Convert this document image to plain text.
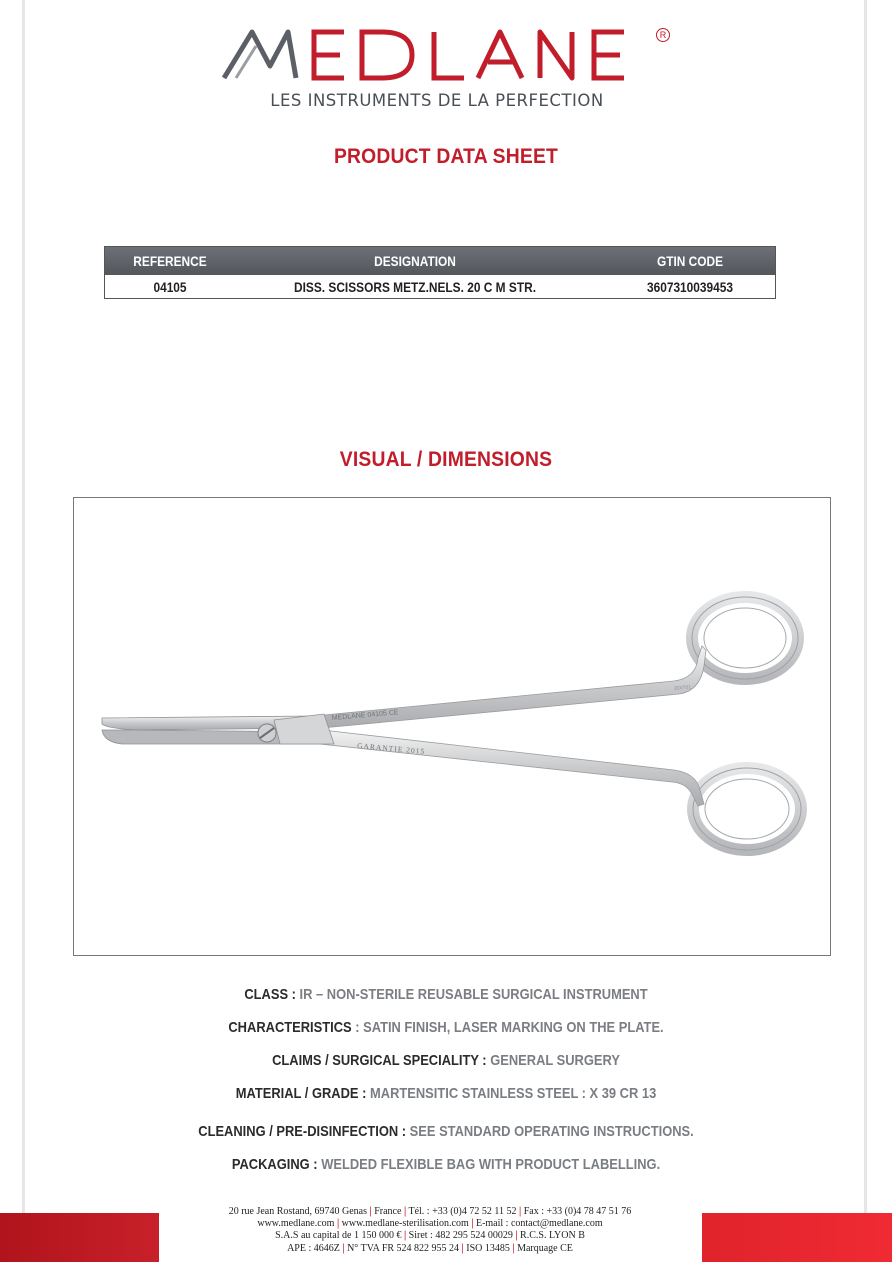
R
LES INSTRUMENTS DE LA PERFECTION
PRODUCT DATA SHEET
REFERENCE	DESIGNATION	GTIN CODE
04105	DISS. SCISSORS METZ.NELS. 20 C M STR.	3607310039453
VISUAL / DIMENSIONS
MEDLANE 04105 CE
GARANTIE 2015
J0XT01
CLASS : IR – NON-STERILE REUSABLE SURGICAL INSTRUMENT
CHARACTERISTICS : SATIN FINISH, LASER MARKING ON THE PLATE.
CLAIMS / SURGICAL SPECIALITY : GENERAL SURGERY
MATERIAL / GRADE : MARTENSITIC STAINLESS STEEL : X 39 CR 13
CLEANING / PRE-DISINFECTION : SEE STANDARD OPERATING INSTRUCTIONS.
PACKAGING : WELDED FLEXIBLE BAG WITH PRODUCT LABELLING.
20 rue Jean Rostand, 69740 Genas | France | Tél. : +33 (0)4 72 52 11 52 | Fax : +33 (0)4 78 47 51 76
www.medlane.com | www.medlane-sterilisation.com | E-mail : contact@medlane.com
S.A.S au capital de 1 150 000 € | Siret : 482 295 524 00029 | R.C.S. LYON B
APE : 4646Z | N° TVA FR 524 822 955 24 | ISO 13485 | Marquage CE
